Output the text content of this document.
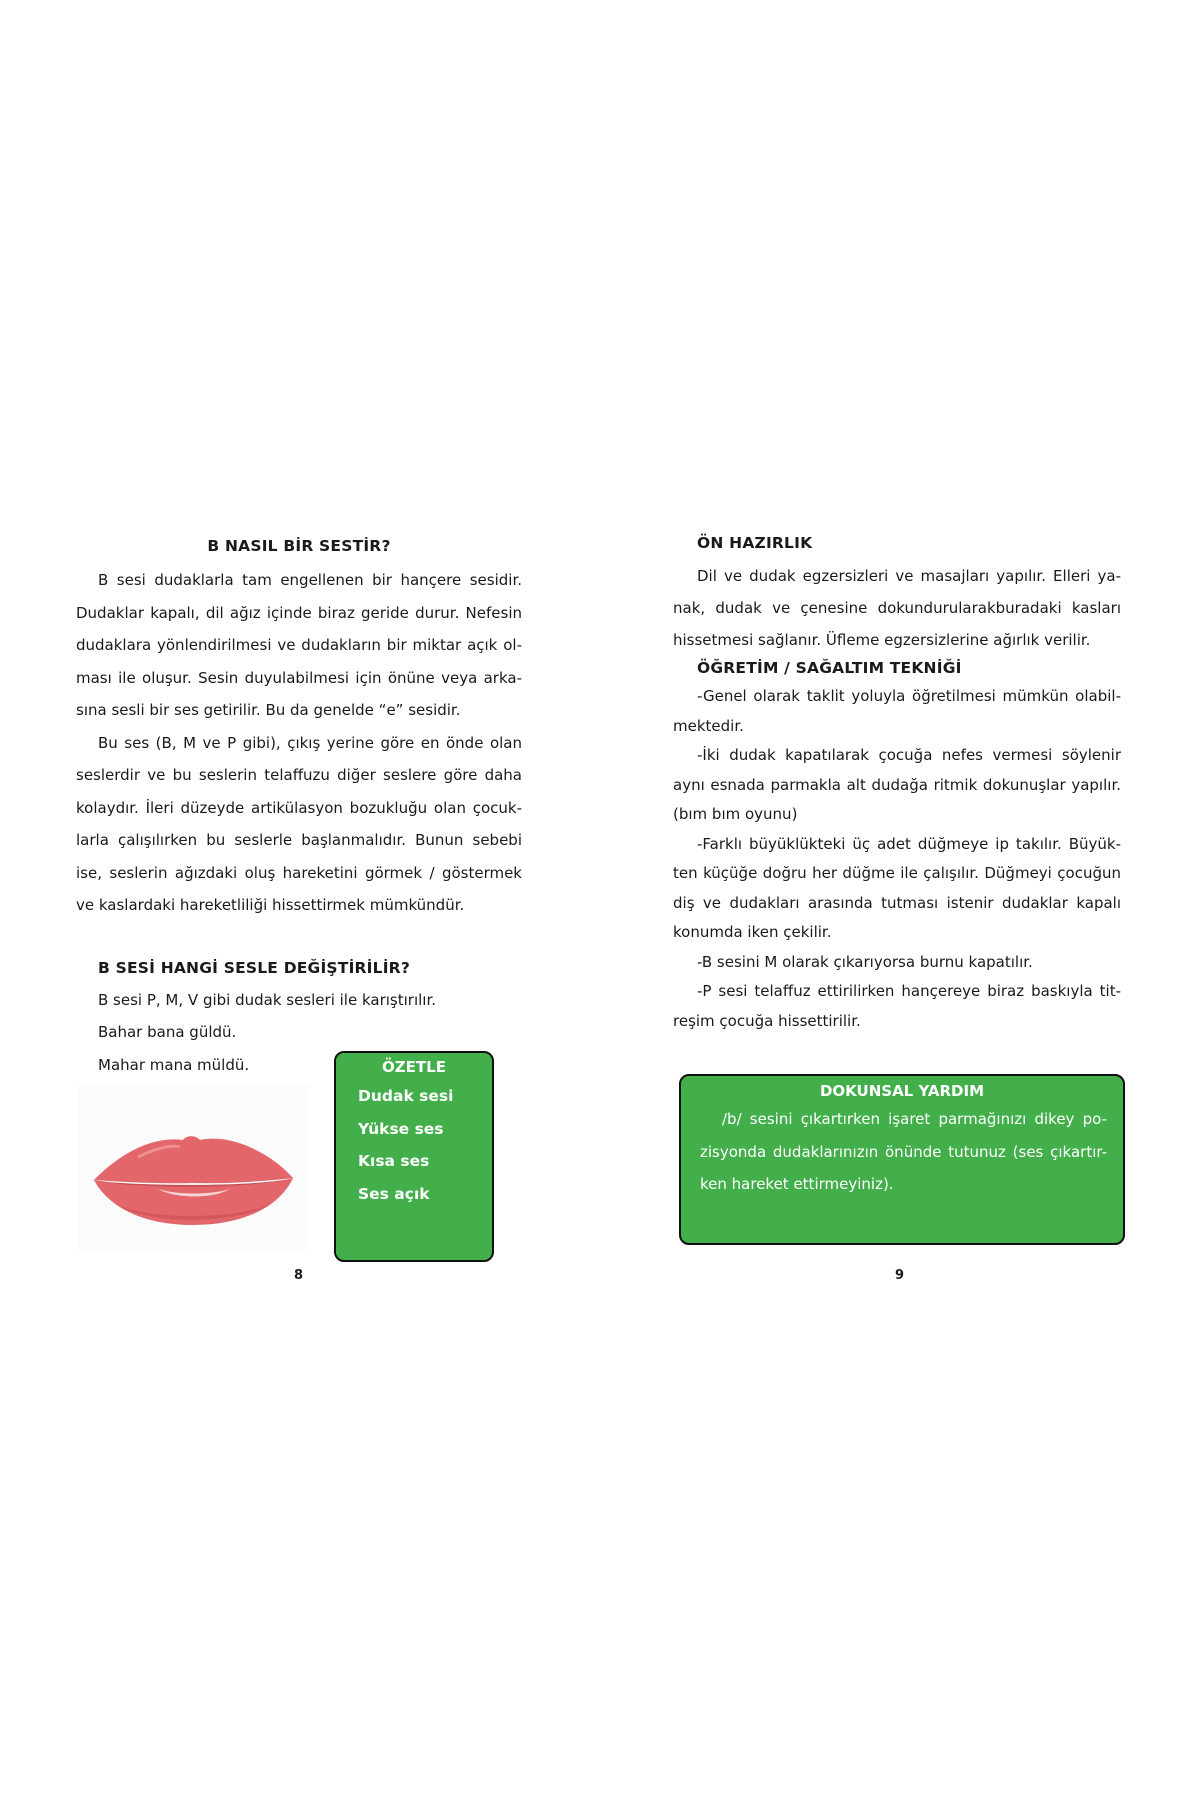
B NASIL BİR SESTİR?
B sesi dudaklarla tam engellenen bir hançere sesidir.
Dudaklar kapalı, dil ağız içinde biraz geride durur. Nefesin
dudaklara yönlendirilmesi ve dudakların bir miktar açık ol-
ması ile oluşur. Sesin duyulabilmesi için önüne veya arka-
sına sesli bir ses getirilir. Bu da genelde “e” sesidir.
Bu ses (B, M ve P gibi), çıkış yerine göre en önde olan
seslerdir ve bu seslerin telaffuzu diğer seslere göre daha
kolaydır. İleri düzeyde artikülasyon bozukluğu olan çocuk-
larla çalışılırken bu seslerle başlanmalıdır. Bunun sebebi
ise, seslerin ağızdaki oluş hareketini görmek / göstermek
ve kaslardaki hareketliliği hissettirmek mümkündür.
B SESİ HANGİ SESLE DEĞİŞTİRİLİR?
B sesi P, M, V gibi dudak sesleri ile karıştırılır.
Bahar bana güldü.
Mahar mana müldü.	ÖZETLE
Dudak sesi
Yükse ses
Kısa ses
Ses açık
8
ÖN HAZIRLIK
Dil ve dudak egzersizleri ve masajları yapılır. Elleri ya-
nak, dudak ve çenesine dokundurularakburadaki kasları
hissetmesi sağlanır. Üfleme egzersizlerine ağırlık verilir.
ÖĞRETİM / SAĞALTIM TEKNİĞİ
-Genel olarak taklit yoluyla öğretilmesi mümkün olabil-
mektedir.
-İki dudak kapatılarak çocuğa nefes vermesi söylenir
aynı esnada parmakla alt dudağa ritmik dokunuşlar yapılır.
(bım bım oyunu)
-Farklı büyüklükteki üç adet düğmeye ip takılır. Büyük-
ten küçüğe doğru her düğme ile çalışılır. Düğmeyi çocuğun
diş ve dudakları arasında tutması istenir dudaklar kapalı
konumda iken çekilir.
-B sesini M olarak çıkarıyorsa burnu kapatılır.
-P sesi telaffuz ettirilirken hançereye biraz baskıyla tit-
reşim çocuğa hissettirilir.
DOKUNSAL YARDIM
/b/ sesini çıkartırken işaret parmağınızı dikey po-
zisyonda dudaklarınızın önünde tutunuz (ses çıkartır-
ken hareket ettirmeyiniz).
9
